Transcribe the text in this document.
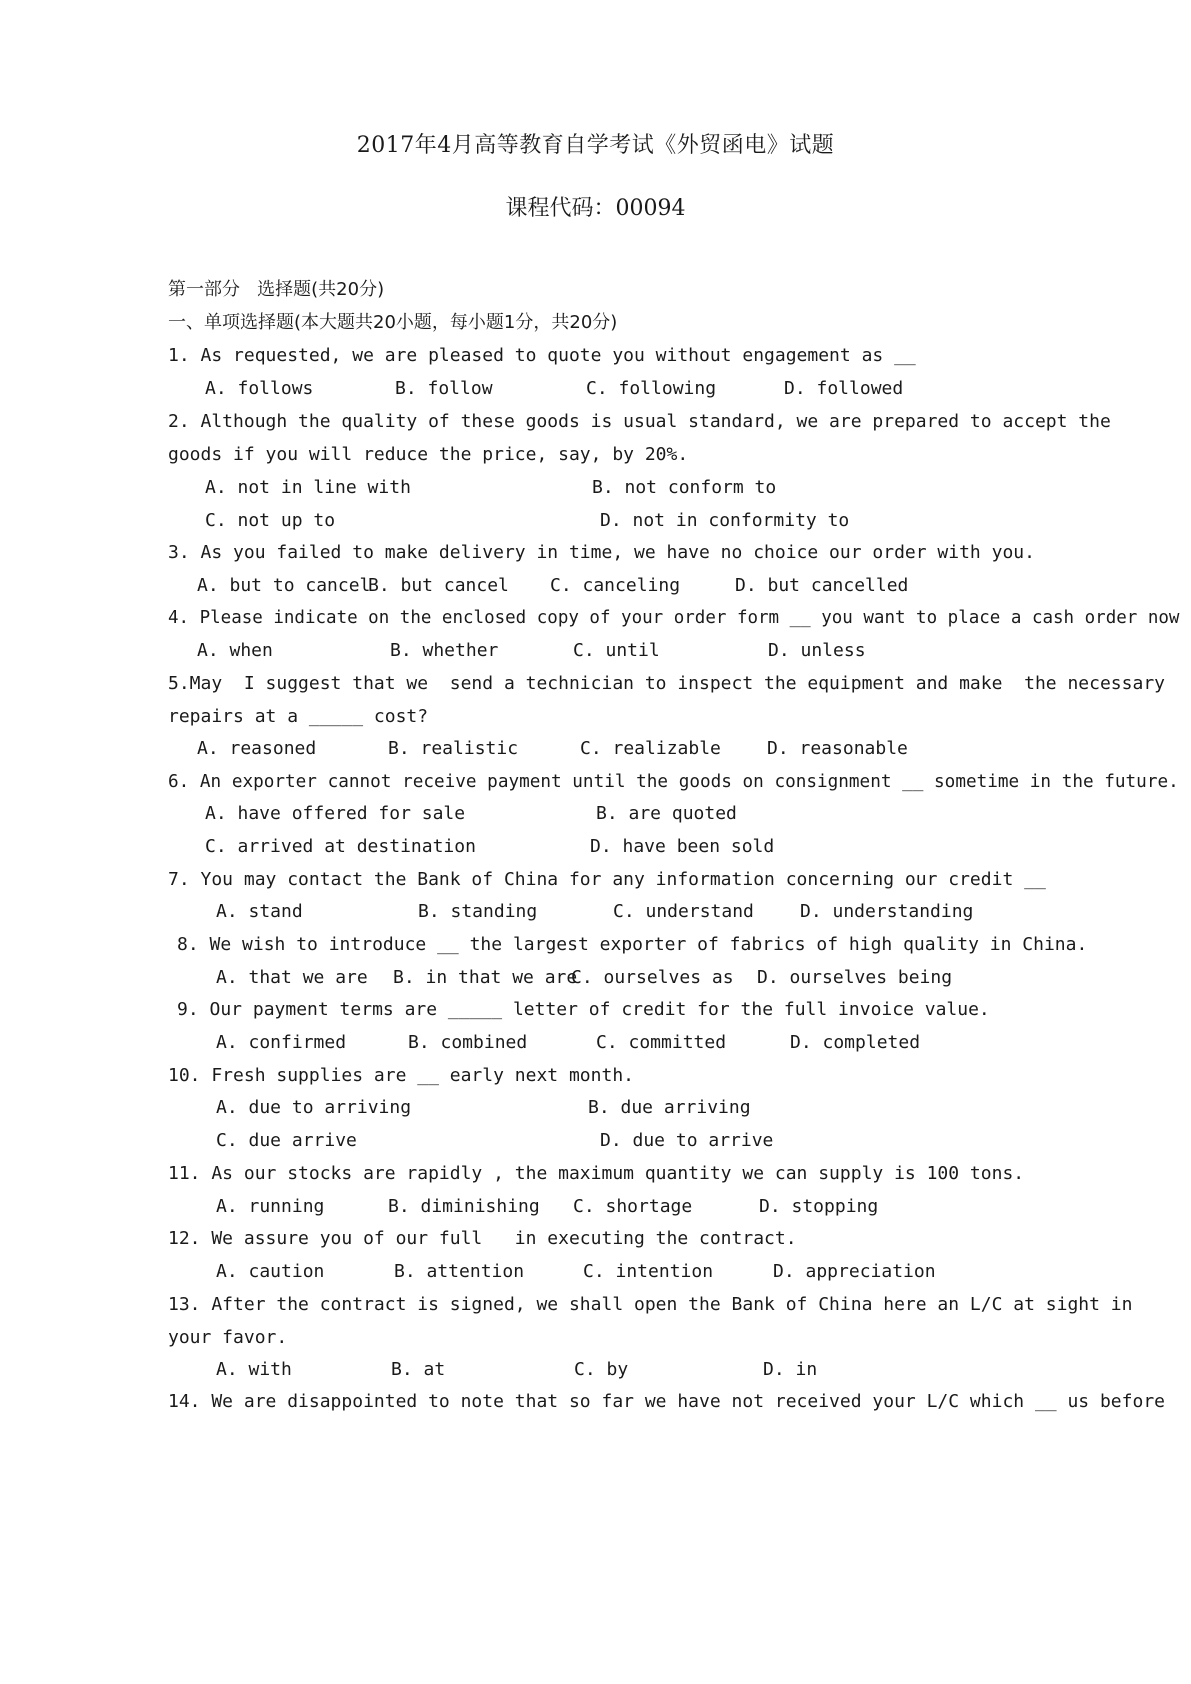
2017年4月高等教育自学考试《外贸函电》试题
课程代码：00094
第一部分   选择题(共20分)
一、单项选择题(本大题共20小题，每小题1分，共20分)
1. As requested, we are pleased to quote you without engagement as __
A. follows	B. follow	C. following	D. followed
2. Although the quality of these goods is usual standard, we are prepared to accept the
goods if you will reduce the price, say, by 20%.
A. not in line with	B. not conform to
C. not up to	D. not in conformity to
3. As you failed to make delivery in time, we have no choice our order with you.
A. but to cancel
B. but cancel C. canceling	D. but cancelled
4. Please indicate on the enclosed copy of your order form __ you want to place a cash order now
A. when	B. whether	C. until	D. unless
5.May  I suggest that we  send a technician to inspect the equipment and make  the necessary
repairs at a _____ cost?
A. reasoned	B. realistic	C. realizable	D. reasonable
6. An exporter cannot receive payment until the goods on consignment __ sometime in the future.
A. have offered for sale	B. are quoted
C. arrived at destination	D. have been sold
7. You may contact the Bank of China for any information concerning our credit __
A. stand	B. standing	C. understand	D. understanding
8. We wish to introduce __ the largest exporter of fabrics of high quality in China.
A. that we are B. in that we are
C. ourselves as D. ourselves being
9. Our payment terms are _____ letter of credit for the full invoice value.
A. confirmed	B. combined	C. committed	D. completed
10. Fresh supplies are __ early next month.
A. due to arriving	B. due arriving
C. due arrive	D. due to arrive
11. As our stocks are rapidly , the maximum quantity we can supply is 100 tons.
A. running	B. diminishing C. shortage	D. stopping
12. We assure you of our full   in executing the contract.
A. caution	B. attention	C. intention	D. appreciation
13. After the contract is signed, we shall open the Bank of China here an L/C at sight in
your favor.
A. with	B. at	C. by	D. in
14. We are disappointed to note that so far we have not received your L/C which __ us before
